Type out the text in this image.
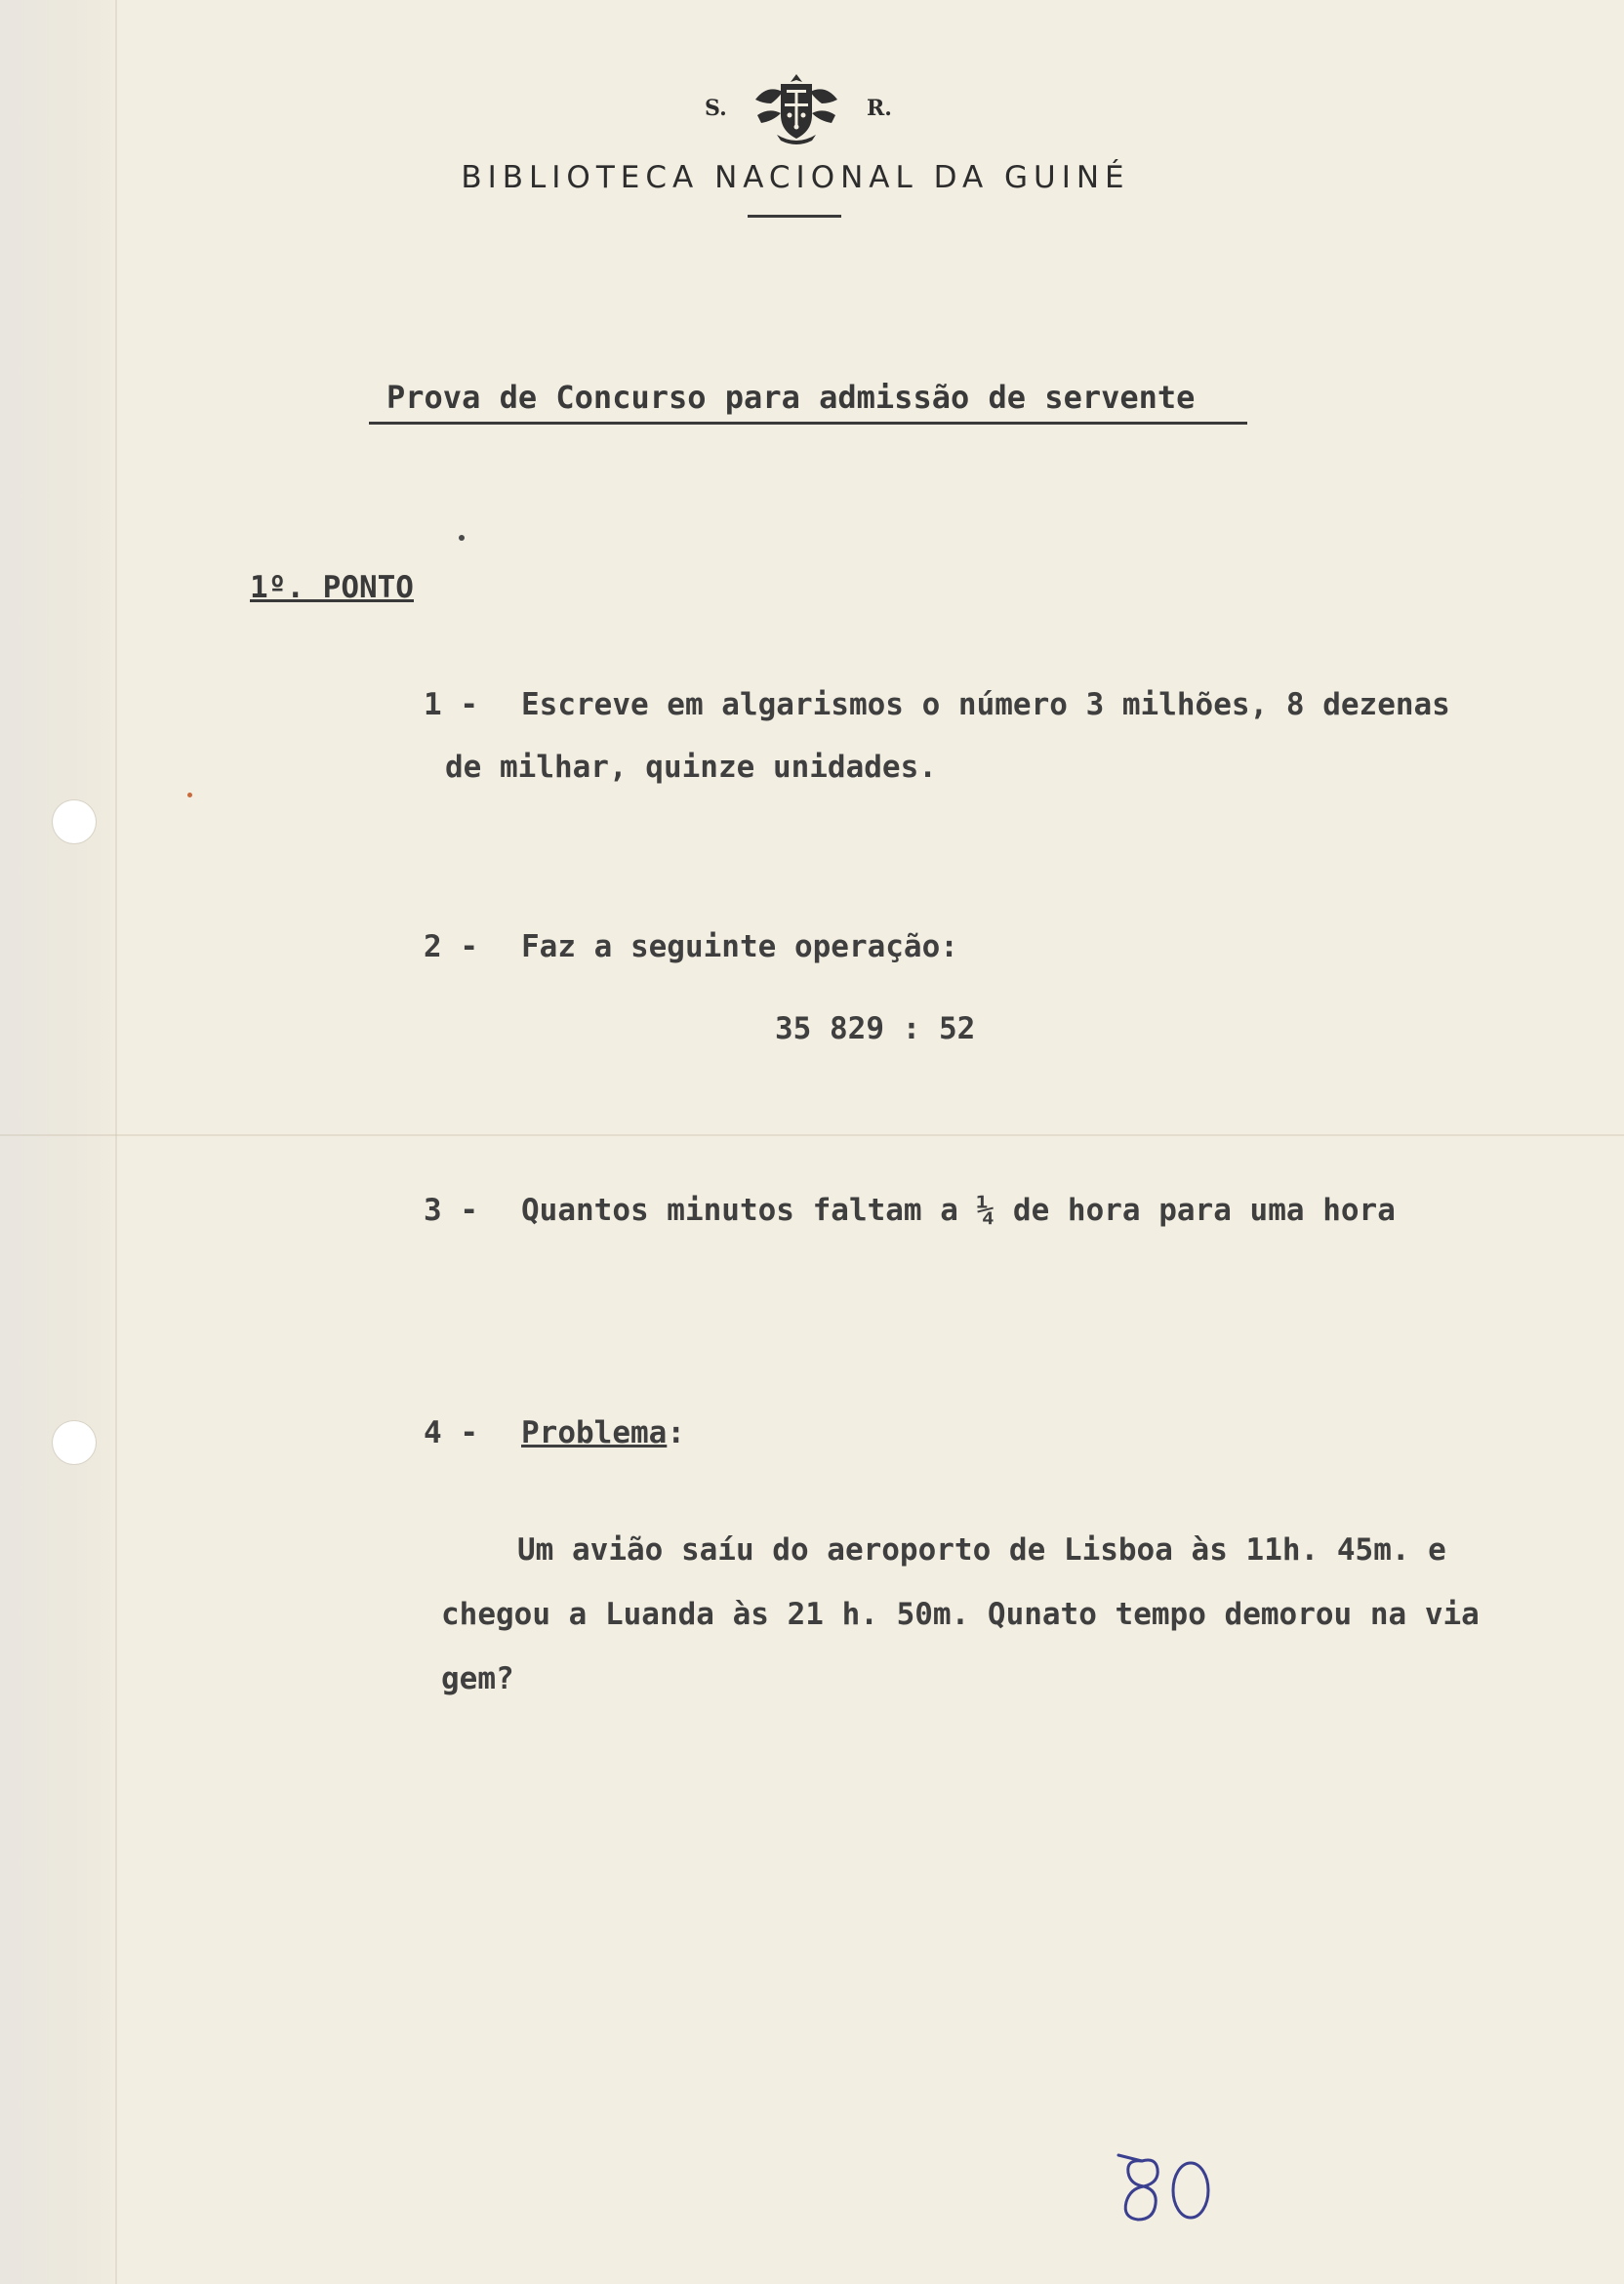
S.	R.
BIBLIOTECA NACIONAL DA GUINÉ
Prova de Concurso para admissão de servente
1º. PONTO
1 - Escreve em algarismos o número 3 milhões, 8 dezenas
de milhar, quinze unidades.
2 - Faz a seguinte operação:
35 829 : 52
3 - Quantos minutos faltam a ¼ de hora para uma hora
4 - Problema:
Um avião saíu do aeroporto de Lisboa às 11h. 45m. e
chegou a Luanda às 21 h. 50m. Qunato tempo demorou na via
gem?
